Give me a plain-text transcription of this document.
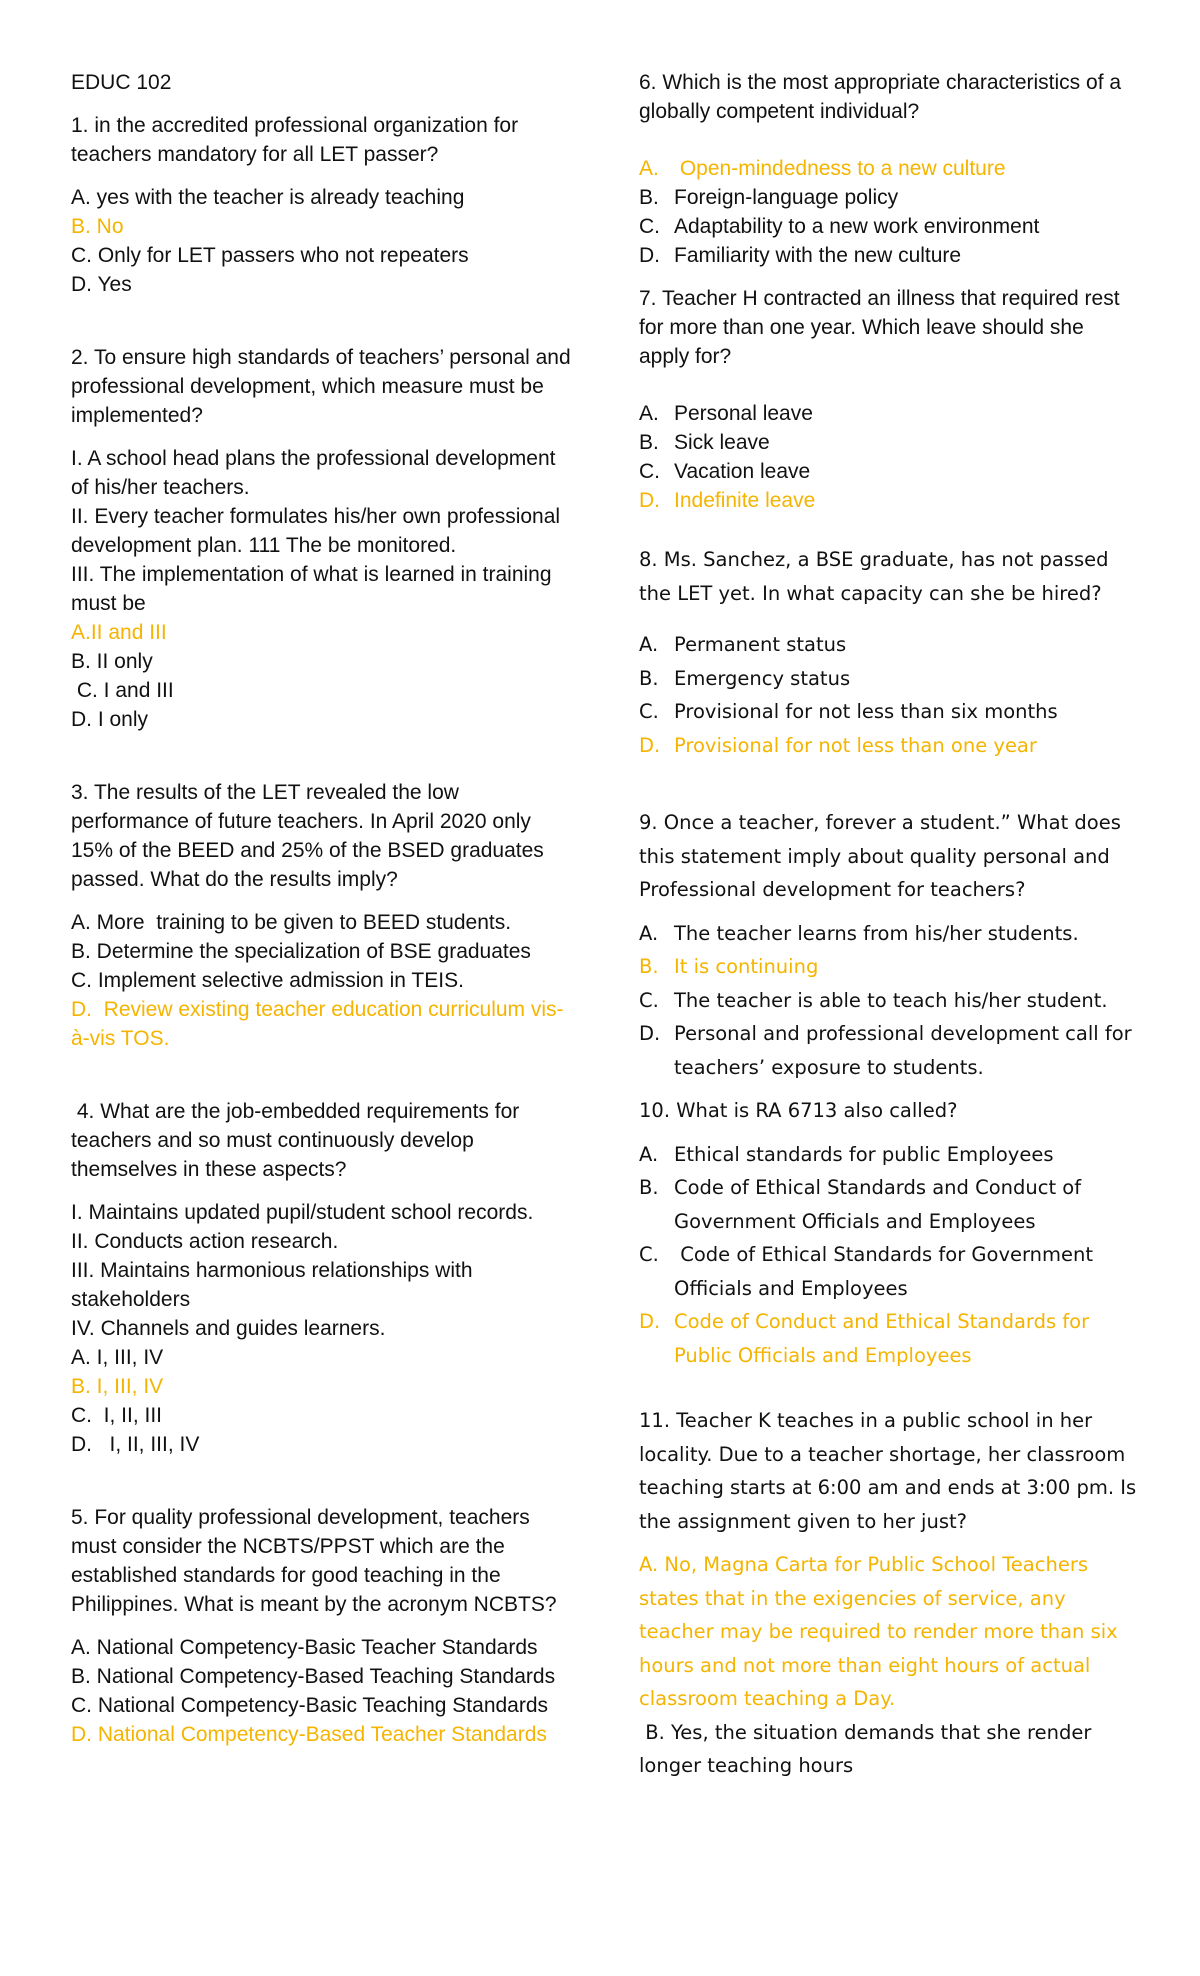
EDUC 102

1. in the accredited professional organization for teachers mandatory for all LET passer?

A. yes with the teacher is already teaching

B. No

C. Only for LET passers who not repeaters

D. Yes

2. To ensure high standards of teachers’ personal and professional development, which measure must be implemented?

I. A school head plans the professional development of his/her teachers.

II. Every teacher formulates his/her own professional development plan. 111 The be monitored.

III. The implementation of what is learned in training must be

A.II and III

B. II only

C. I and III

D. I only

3. The results of the LET revealed the low performance of future teachers. In April 2020 only 15% of the BEED and 25% of the BSED graduates passed. What do the results imply?

A. More  training to be given to BEED students.

B. Determine the specialization of BSE graduates

C. Implement selective admission in TEIS.

D.  Review existing teacher education curriculum vis-à-vis TOS.

4. What are the job-embedded requirements for teachers and so must continuously develop themselves in these aspects?

I. Maintains updated pupil/student school records.

II. Conducts action research.

III. Maintains harmonious relationships with stakeholders

IV. Channels and guides learners.

A. I, III, IV

B. I, III, IV

C.  I, II, III

D.   I, II, III, IV

5. For quality professional development, teachers must consider the NCBTS/PPST which are the established standards for good teaching in the Philippines. What is meant by the acronym NCBTS?

A. National Competency-Basic Teacher Standards

B. National Competency-Based Teaching Standards

C. National Competency-Basic Teaching Standards

D. National Competency-Based Teacher Standards

6. Which is the most appropriate characteristics of a globally competent individual?

A. Open-mindedness to a new culture
B. Foreign-language policy
C. Adaptability to a new work environment
D. Familiarity with the new culture

7. Teacher H contracted an illness that required rest for more than one year. Which leave should she apply for?

A. Personal leave
B. Sick leave
C. Vacation leave
D. Indefinite leave

8. Ms. Sanchez, a BSE graduate, has not passed the LET yet. In what capacity can she be hired?

A. Permanent status
B. Emergency status
C. Provisional for not less than six months
D. Provisional for not less than one year

9. Once a teacher, forever a student.” What does this statement imply about quality personal and Professional development for teachers?

A. The teacher learns from his/her students.
B. It is continuing
C. The teacher is able to teach his/her student.
D. Personal and professional development call for teachers’ exposure to students.

10. What is RA 6713 also called?

A. Ethical standards for public Employees
B. Code of Ethical Standards and Conduct of Government Officials and Employees
C. Code of Ethical Standards for Government Officials and Employees
D. Code of Conduct and Ethical Standards for Public Officials and Employees

11. Teacher K teaches in a public school in her locality. Due to a teacher shortage, her classroom teaching starts at 6:00 am and ends at 3:00 pm. Is the assignment given to her just?

A. No, Magna Carta for Public School Teachers states that in the exigencies of service, any teacher may be required to render more than six hours and not more than eight hours of actual classroom teaching a Day.

B. Yes, the situation demands that she render longer teaching hours
